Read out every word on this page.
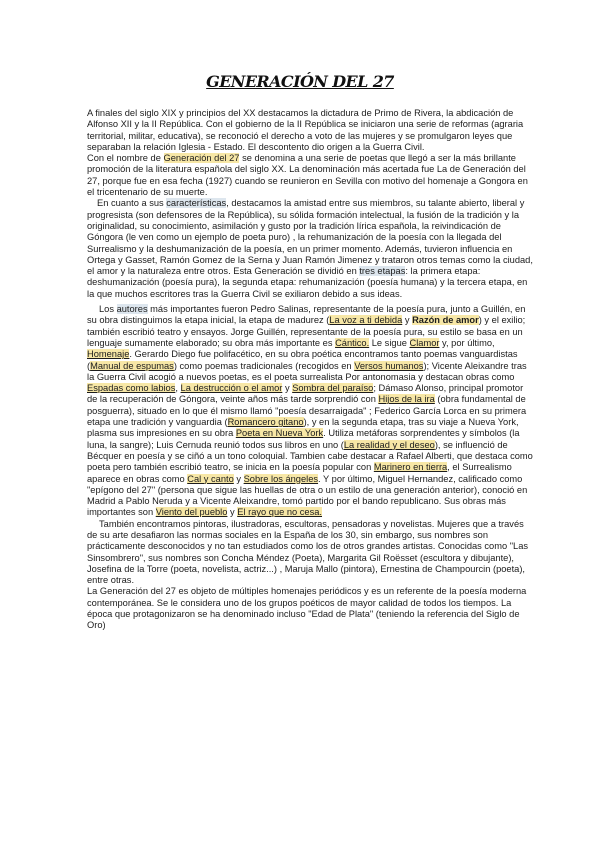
GENERACIÓN DEL 27

A finales del siglo XIX y principios del XX destacamos la dictadura de Primo de Rivera, la abdicación de Alfonso XII y la II República. Con el gobierno de la II República se iniciaron una serie de reformas (agraria territorial, militar, educativa), se reconoció el derecho a voto de las mujeres y se promulgaron leyes que separaban la relación Iglesia - Estado. El descontento dio origen a la Guerra Civil.

Con el nombre de Generación del 27 se denomina a una serie de poetas que llegó a ser la más brillante promoción de la literatura española del siglo XX. La denominación más acertada fue La de Generación del 27, porque fue en esa fecha (1927) cuando se reunieron en Sevilla con motivo del homenaje a Gongora en el tricentenario de su muerte.

En cuanto a sus características, destacamos la amistad entre sus miembros, su talante abierto, liberal y progresista (son defensores de la República), su sólida formación intelectual, la fusión de la tradición y la originalidad, su conocimiento, asimilación y gusto por la tradición lírica española, la reivindicación de Góngora (le ven como un ejemplo de poeta puro) , la rehumanización de la poesía con la llegada del Surrealismo y la deshumanización de la poesía, en un primer momento. Además, tuvieron influencia en Ortega y Gasset, Ramón Gomez de la Serna y Juan Ramón Jimenez y trataron otros temas como la ciudad, el amor y la naturaleza entre otros. Esta Generación se dividió en tres etapas: la primera etapa: deshumanización (poesía pura), la segunda etapa: rehumanización (poesía humana) y la tercera etapa, en la que muchos escritores tras la Guerra Civil se exiliaron debido a sus ideas.

Los autores más importantes fueron Pedro Salinas, representante de la poesía pura, junto a Guillén, en su obra distinguimos la etapa inicial, la etapa de madurez (La voz a ti debida y Razón de amor) y el exilio; también escribió teatro y ensayos. Jorge Guillén, representante de la poesía pura, su estilo se basa en un lenguaje sumamente elaborado; su obra más importante es Cántico. Le sigue Clamor y, por último, Homenaje. Gerardo Diego fue polifacético, en su obra poética encontramos tanto poemas vanguardistas (Manual de espumas) como poemas tradicionales (recogidos en Versos humanos); Vicente Aleixandre tras la Guerra Civil acogió a nuevos poetas, es el poeta surrealista Por antonomasia y destacan obras como Espadas como labios, La destrucción o el amor y Sombra del paraíso; Dámaso Alonso, principal promotor de la recuperación de Góngora, veinte años más tarde sorprendió con Hijos de la ira (obra fundamental de posguerra), situado en lo que él mismo llamó "poesía desarraigada" ; Federico García Lorca en su primera etapa une tradición y vanguardia (Romancero gitano), y en la segunda etapa, tras su viaje a Nueva York, plasma sus impresiones en su obra Poeta en Nueva York. Utiliza metáforas sorprendentes y símbolos (la luna, la sangre); Luis Cernuda reunió todos sus libros en uno (La realidad y el deseo), se influenció de Bécquer en poesía y se ciñó a un tono coloquial. Tambien cabe destacar a Rafael Alberti, que destaca como poeta pero también escribió teatro, se inicia en la poesía popular con Marinero en tierra, el Surrealismo aparece en obras como Cal y canto y Sobre los ángeles. Y por último, Miguel Hernandez, calificado como "epígono del 27" (persona que sigue las huellas de otra o un estilo de una generación anterior), conoció en Madrid a Pablo Neruda y a Vicente Aleixandre, tomó partido por el bando republicano. Sus obras más importantes son Viento del pueblo y El rayo que no cesa.

También encontramos pintoras, ilustradoras, escultoras, pensadoras y novelistas. Mujeres que a través de su arte desafiaron las normas sociales en la España de los 30, sin embargo, sus nombres son prácticamente desconocidos y no tan estudiados como los de otros grandes artistas. Conocidas como "Las Sinsombrero", sus nombres son Concha Méndez (Poeta), Margarita Gil Roësset (escultora y dibujante), Josefina de la Torre (poeta, novelista, actriz...) , Maruja Mallo (pintora), Ernestina de Champourcin (poeta), entre otras.

La Generación del 27 es objeto de múltiples homenajes periódicos y es un referente de la poesía moderna contemporánea. Se le considera uno de los grupos poéticos de mayor calidad de todos los tiempos. La época que protagonizaron se ha denominado incluso "Edad de Plata" (teniendo la referencia del Siglo de Oro)
